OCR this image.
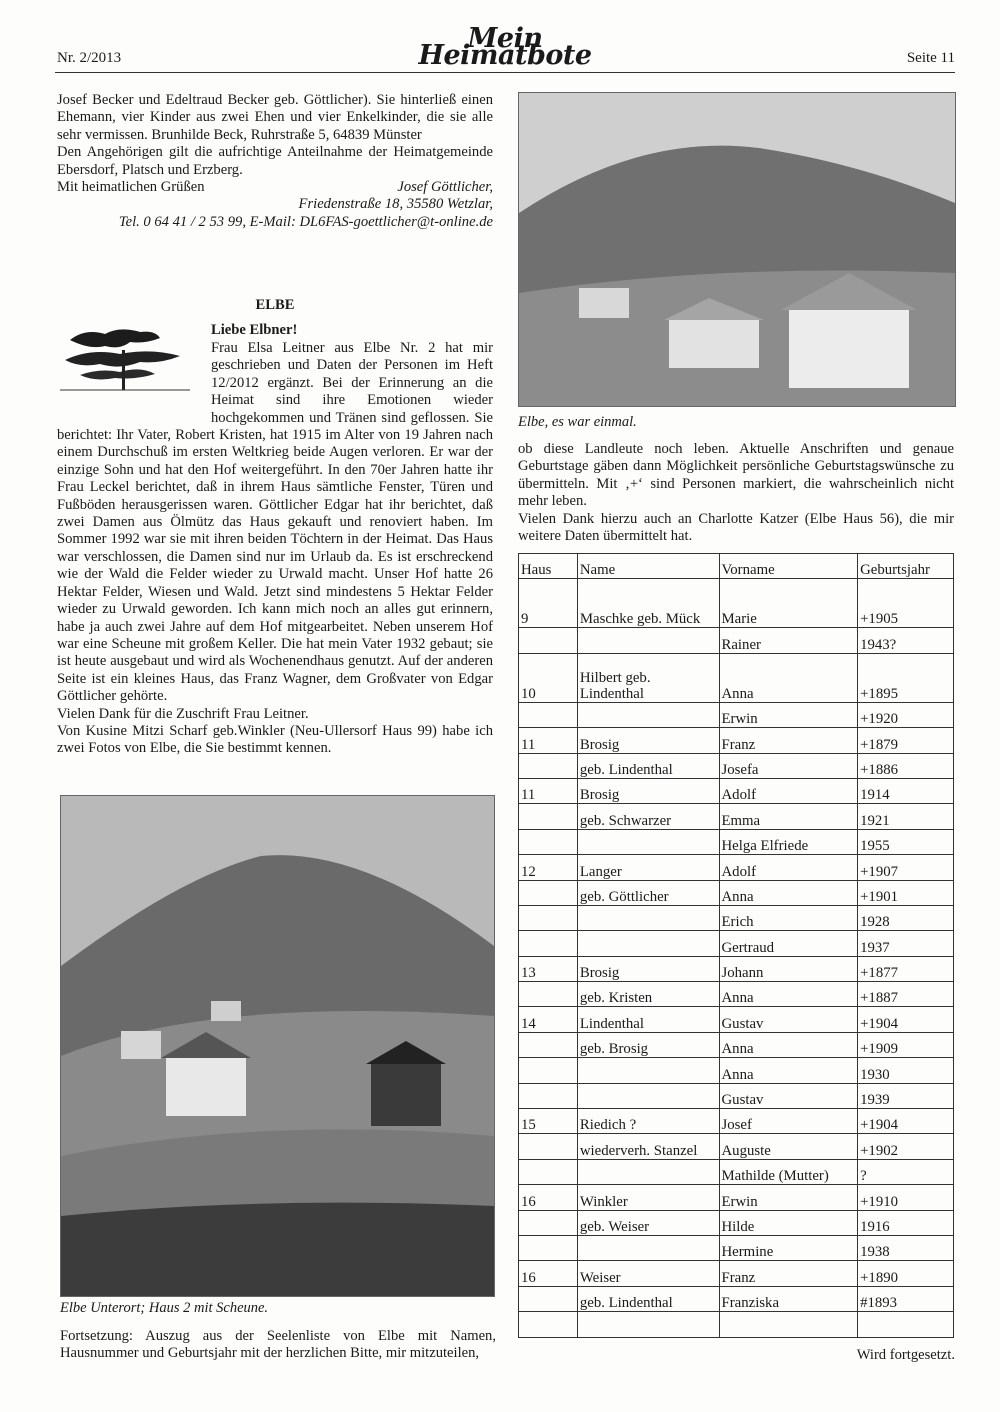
Nr. 2/2013
Mein Heimatbote	Seite 11

Josef Becker und Edeltraud Becker geb. Göttlicher). Sie hinterließ einen Ehemann, vier Kinder aus zwei Ehen und vier Enkelkinder, die sie alle sehr vermissen. Brunhilde Beck, Ruhrstraße 5, 64839 Münster

Den Angehörigen gilt die aufrichtige Anteilnahme der Heimatgemeinde Ebersdorf, Platsch und Erzberg.

Mit heimatlichen Grüßen	Josef Göttlicher,

Friedenstraße 18, 35580 Wetzlar,

Tel. 0 64 41 / 2 53 99, E-Mail: DL6FAS-goettlicher@t-online.de

ELBE
Liebe Elbner!

Frau Elsa Leitner aus Elbe Nr. 2 hat mir geschrieben und Daten der Personen im Heft 12/2012 ergänzt. Bei der Erinnerung an die Heimat sind ihre Emotionen wieder hochgekommen und Tränen sind geflossen. Sie berichtet: Ihr Vater, Robert Kristen, hat 1915 im Alter von 19 Jahren nach einem Durchschuß im ersten Weltkrieg beide Augen verloren. Er war der einzige Sohn und hat den Hof weitergeführt. In den 70er Jahren hatte ihr Frau Leckel berichtet, daß in ihrem Haus sämtliche Fenster, Türen und Fußböden herausgerissen waren. Göttlicher Edgar hat ihr berichtet, daß zwei Damen aus Ölmütz das Haus gekauft und renoviert haben. Im Sommer 1992 war sie mit ihren beiden Töchtern in der Heimat. Das Haus war verschlossen, die Damen sind nur im Urlaub da. Es ist erschreckend wie der Wald die Felder wieder zu Urwald macht. Unser Hof hatte 26 Hektar Felder, Wiesen und Wald. Jetzt sind mindestens 5 Hektar Felder wieder zu Urwald geworden. Ich kann mich noch an alles gut erinnern, habe ja auch zwei Jahre auf dem Hof mitgearbeitet. Neben unserem Hof war eine Scheune mit großem Keller. Die hat mein Vater 1932 gebaut; sie ist heute ausgebaut und wird als Wochenendhaus genutzt. Auf der anderen Seite ist ein kleines Haus, das Franz Wagner, dem Großvater von Edgar Göttlicher gehörte.

Vielen Dank für die Zuschrift Frau Leitner.

Von Kusine Mitzi Scharf geb.Winkler (Neu-Ullersorf Haus 99) habe ich zwei Fotos von Elbe, die Sie bestimmt kennen.

Elbe Unterort; Haus 2 mit Scheune.
Fortsetzung: Auszug aus der Seelenliste von Elbe mit Namen, Hausnummer und Geburtsjahr mit der herzlichen Bitte, mir mitzuteilen,
Elbe, es war einmal.

ob diese Landleute noch leben. Aktuelle Anschriften und genaue Geburtstage gäben dann Möglichkeit persönliche Geburtstagswünsche zu übermitteln. Mit ‚+‘ sind Personen markiert, die wahrscheinlich nicht mehr leben.

Vielen Dank hierzu auch an Charlotte Katzer (Elbe Haus 56), die mir weitere Daten übermittelt hat.

Haus	Name	Vorname	Geburtsjahr
9	Maschke geb. Mück	Marie	+1905
		Rainer	1943?
10	Hilbert geb. Lindenthal	Anna	+1895
		Erwin	+1920
11	Brosig	Franz	+1879
	geb. Lindenthal	Josefa	+1886
11	Brosig	Adolf	1914
	geb. Schwarzer	Emma	1921
		Helga Elfriede	1955
12	Langer	Adolf	+1907
	geb. Göttlicher	Anna	+1901
		Erich	1928
		Gertraud	1937
13	Brosig	Johann	+1877
	geb. Kristen	Anna	+1887
14	Lindenthal	Gustav	+1904
	geb. Brosig	Anna	+1909
		Anna	1930
		Gustav	1939
15	Riedich ?	Josef	+1904
	wiederverh. Stanzel	Auguste	+1902
		Mathilde (Mutter)	?
16	Winkler	Erwin	+1910
	geb. Weiser	Hilde	1916
		Hermine	1938
16	Weiser	Franz	+1890
	geb. Lindenthal	Franziska	#1893

Wird fortgesetzt.
